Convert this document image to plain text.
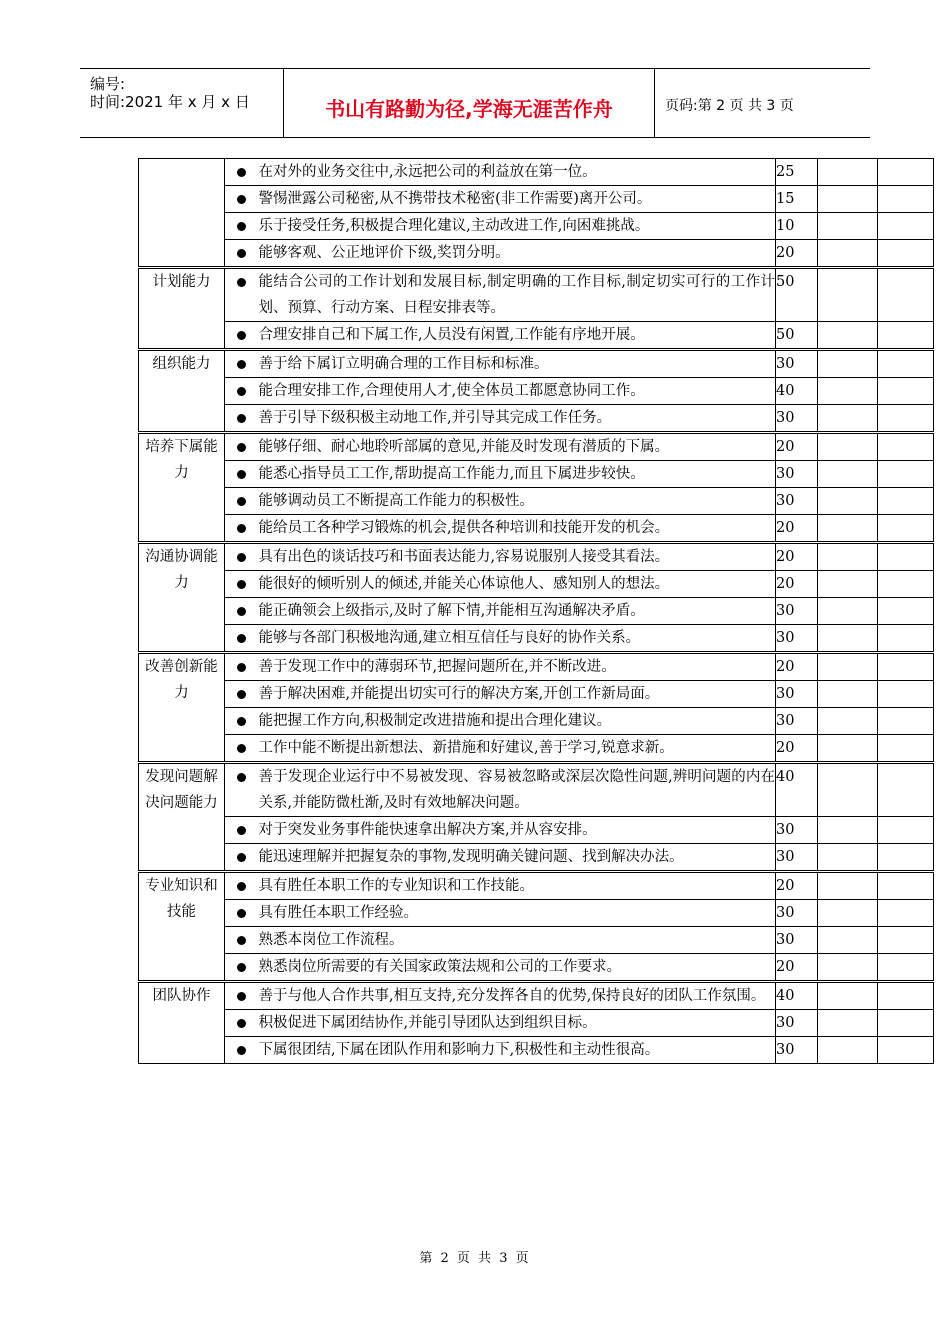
编号:
时间:2021 年 x 月 x 日	书山有路勤为径,学海无涯苦作舟	页码:第 2 页 共 3 页
		在对外的业务交往中,永远把公司的利益放在第一位。	25		
		警惕泄露公司秘密,从不携带技术秘密(非工作需要)离开公司。	15		
		乐于接受任务,积极提合理化建议,主动改进工作,向困难挑战。	10		
		能够客观、公正地评价下级,奖罚分明。	20		

计划能力		能结合公司的工作计划和发展目标,制定明确的工作目标,制定切实可行的工作计划、预算、行动方案、日程安排表等。	50		
		合理安排自己和下属工作,人员没有闲置,工作能有序地开展。	50		

组织能力		善于给下属订立明确合理的工作目标和标准。	30		
		能合理安排工作,合理使用人才,使全体员工都愿意协同工作。	40		
		善于引导下级积极主动地工作,并引导其完成工作任务。	30		

培养下属能力		能够仔细、耐心地聆听部属的意见,并能及时发现有潜质的下属。	20		
		能悉心指导员工工作,帮助提高工作能力,而且下属进步较快。	30		
		能够调动员工不断提高工作能力的积极性。	30		
		能给员工各种学习锻炼的机会,提供各种培训和技能开发的机会。	20		

沟通协调能力		具有出色的谈话技巧和书面表达能力,容易说服别人接受其看法。	20		
		能很好的倾听别人的倾述,并能关心体谅他人、感知别人的想法。	20		
		能正确领会上级指示,及时了解下情,并能相互沟通解决矛盾。	30		
		能够与各部门积极地沟通,建立相互信任与良好的协作关系。	30		

改善创新能力		善于发现工作中的薄弱环节,把握问题所在,并不断改进。	20		
		善于解决困难,并能提出切实可行的解决方案,开创工作新局面。	30		
		能把握工作方向,积极制定改进措施和提出合理化建议。	30		
		工作中能不断提出新想法、新措施和好建议,善于学习,锐意求新。	20		

发现问题解决问题能力		善于发现企业运行中不易被发现、容易被忽略或深层次隐性问题,辨明问题的内在关系,并能防微杜渐,及时有效地解决问题。	40		
		对于突发业务事件能快速拿出解决方案,并从容安排。	30		
		能迅速理解并把握复杂的事物,发现明确关键问题、找到解决办法。	30		

专业知识和技能		具有胜任本职工作的专业知识和工作技能。	20		
		具有胜任本职工作经验。	30		
		熟悉本岗位工作流程。	30		
		熟悉岗位所需要的有关国家政策法规和公司的工作要求。	20		

团队协作		善于与他人合作共事,相互支持,充分发挥各自的优势,保持良好的团队工作氛围。	40		
		积极促进下属团结协作,并能引导团队达到组织目标。	30		
		下属很团结,下属在团队作用和影响力下,积极性和主动性很高。	30		
第 2 页 共 3 页
